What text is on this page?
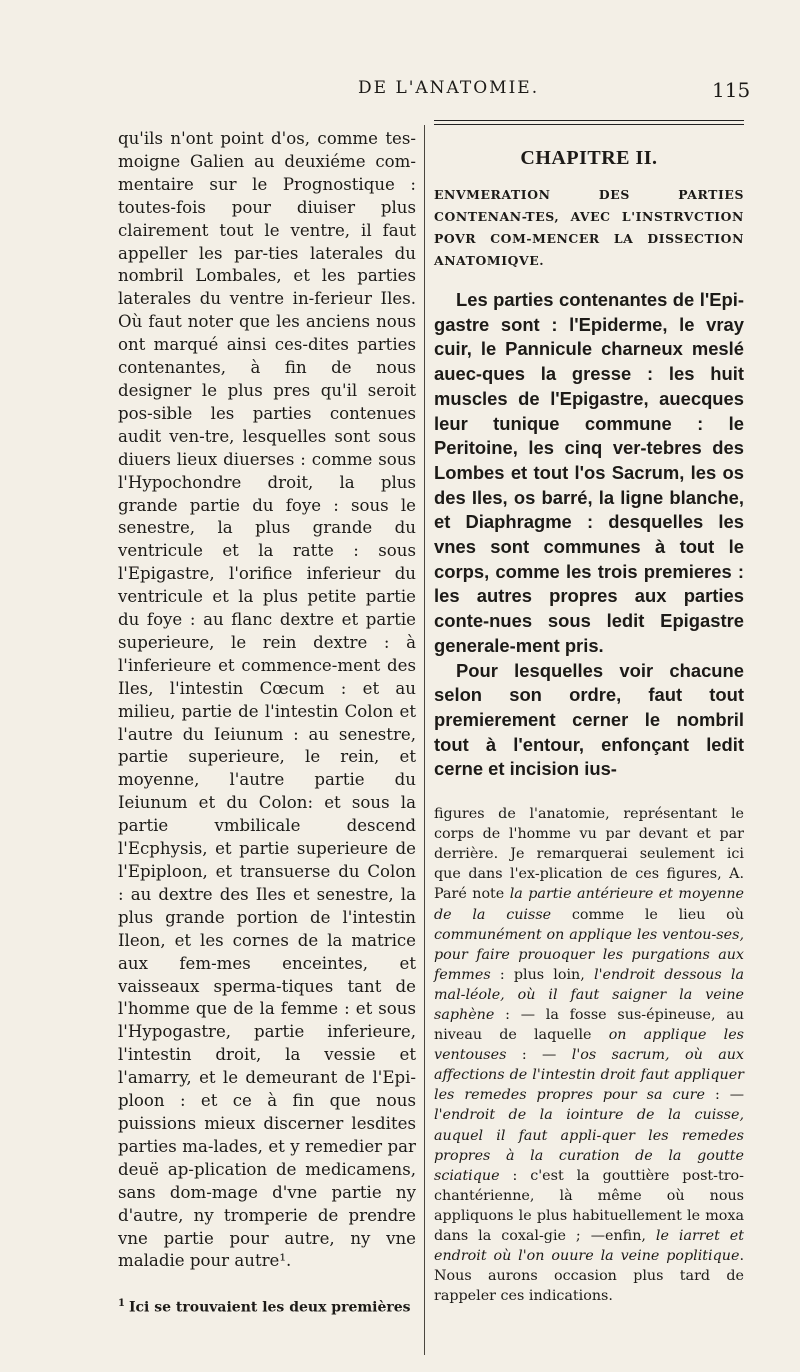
DE L'ANATOMIE.	115

qu'ils n'ont point d'os, comme tes-moigne Galien au deuxiéme com-mentaire sur le Prognostique : toutes-fois pour diuiser plus clairement tout le ventre, il faut appeller les par-ties laterales du nombril Lombales, et les parties laterales du ventre in-ferieur Iles. Où faut noter que les anciens nous ont marqué ainsi ces-dites parties contenantes, à fin de nous designer le plus pres qu'il seroit pos-sible les parties contenues audit ven-tre, lesquelles sont sous diuers lieux diuerses : comme sous l'Hypochondre droit, la plus grande partie du foye : sous le senestre, la plus grande du ventricule et la ratte : sous l'Epigastre, l'orifice inferieur du ventricule et la plus petite partie du foye : au flanc dextre et partie superieure, le rein dextre : à l'inferieure et commence-ment des Iles, l'intestin Cœcum : et au milieu, partie de l'intestin Colon et l'autre du Ieiunum : au senestre, partie superieure, le rein, et moyenne, l'autre partie du Ieiunum et du Colon: et sous la partie vmbilicale descend l'Ecphysis, et partie superieure de l'Epiploon, et transuerse du Colon : au dextre des Iles et senestre, la plus grande portion de l'intestin Ileon, et les cornes de la matrice aux fem-mes enceintes, et vaisseaux sperma-tiques tant de l'homme que de la femme : et sous l'Hypogastre, partie inferieure, l'intestin droit, la vessie et l'amarry, et le demeurant de l'Epi-ploon : et ce à fin que nous puissions mieux discerner lesdites parties ma-lades, et y remedier par deuë ap-plication de medicamens, sans dom-mage d'vne partie ny d'autre, ny tromperie de prendre vne partie pour autre, ny vne maladie pour autre¹.

$^1$ Ici se trouvaient les deux premières

CHAPITRE II.

ENVMERATION DES PARTIES CONTENAN-TES, AVEC L'INSTRVCTION POVR COM-MENCER LA DISSECTION ANATOMIQVE.

Les parties contenantes de l'Epi-gastre sont : l'Epiderme, le vray cuir, le Pannicule charneux meslé auec-ques la gresse : les huit muscles de l'Epigastre, auecques leur tunique commune : le Peritoine, les cinq ver-tebres des Lombes et tout l'os Sacrum, les os des Iles, os barré, la ligne blanche, et Diaphragme : desquelles les vnes sont communes à tout le corps, comme les trois premieres : les autres propres aux parties conte-nues sous ledit Epigastre generale-ment pris.

Pour lesquelles voir chacune selon son ordre, faut tout premierement cerner le nombril tout à l'entour, enfonçant ledit cerne et incision ius-

figures de l'anatomie, représentant le corps de l'homme vu par devant et par derrière. Je remarquerai seulement ici que dans l'ex-plication de ces figures, A. Paré note la partie antérieure et moyenne de la cuisse comme le lieu où communément on applique les ventou-ses, pour faire prouoquer les purgations aux femmes : plus loin, l'endroit dessous la mal-léole, où il faut saigner la veine saphène : — la fosse sus-épineuse, au niveau de laquelle on applique les ventouses : — l'os sacrum, où aux affections de l'intestin droit faut appliquer les remedes propres pour sa cure : — l'endroit de la iointure de la cuisse, auquel il faut appli-quer les remedes propres à la curation de la goutte sciatique : c'est la gouttière post-tro-chantérienne, là même où nous appliquons le plus habituellement le moxa dans la coxal-gie ; —enfin, le iarret et endroit où l'on ouure la veine poplitique. Nous aurons occasion plus tard de rappeler ces indications.
